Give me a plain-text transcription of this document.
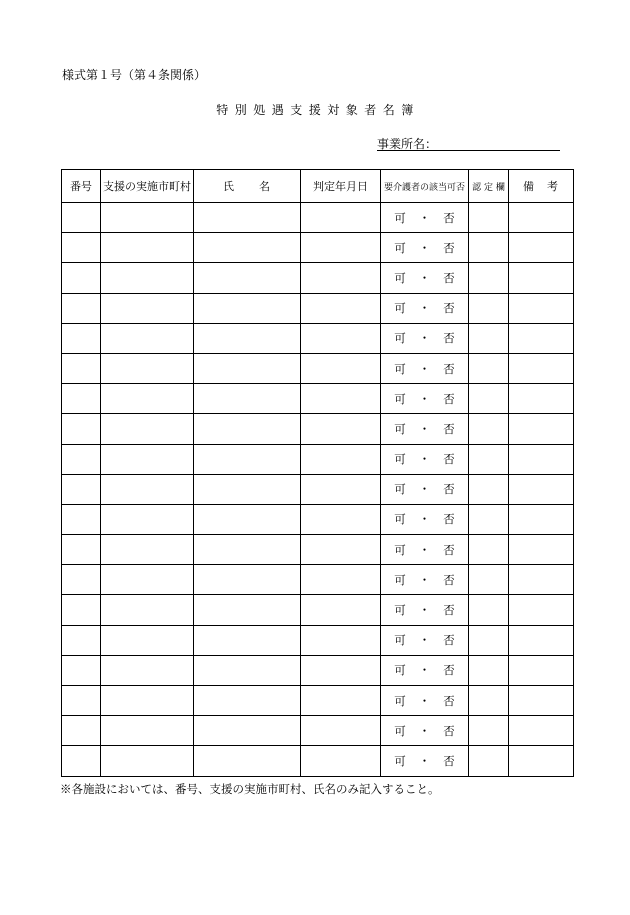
様式第１号（第４条関係）
特別処遇支援対象者名簿
事業所名：
番号	支援の実施市町村	氏　　名	判定年月日	要介護者の該当可否	認 定 欄	備　考
				可 ・ 否		
				可 ・ 否		
				可 ・ 否		
				可 ・ 否		
				可 ・ 否		
				可 ・ 否		
				可 ・ 否		
				可 ・ 否		
				可 ・ 否		
				可 ・ 否		
				可 ・ 否		
				可 ・ 否		
				可 ・ 否		
				可 ・ 否		
				可 ・ 否		
				可 ・ 否		
				可 ・ 否		
				可 ・ 否		
				可 ・ 否		
※各施設においては、番号、支援の実施市町村、氏名のみ記入すること。
